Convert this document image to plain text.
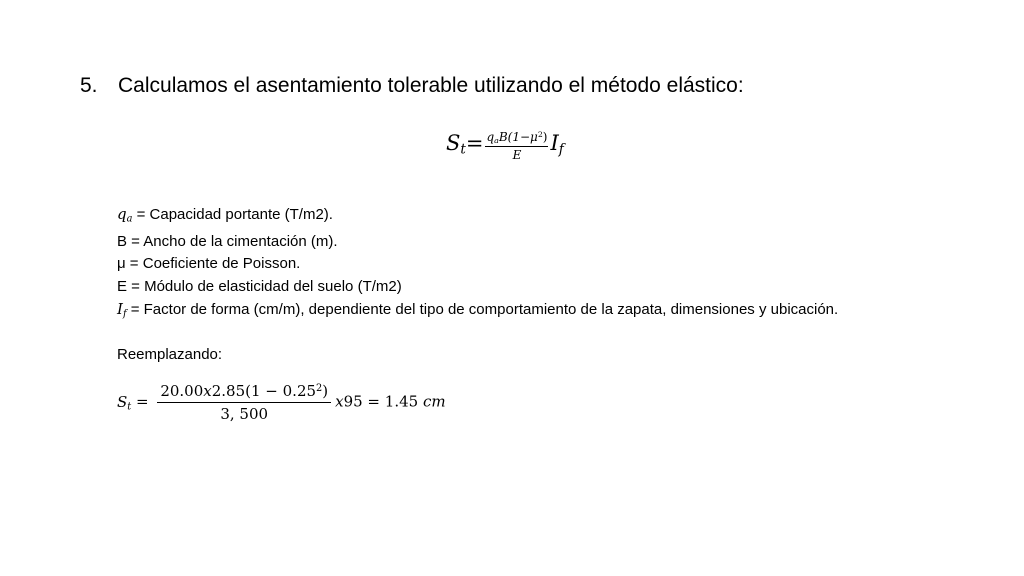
5. Calculamos el asentamiento tolerable utilizando el método elástico:
$S_t= \frac{q_aB(1-\mu^2)}{E} I_f$
$q_a$ = Capacidad portante (T/m2).
B = Ancho de la cimentación (m).
μ = Coeficiente de Poisson.
E = Módulo de elasticidad del suelo (T/m2)
$I_f$ = Factor de forma (cm/m), dependiente del tipo de comportamiento de la zapata, dimensiones y ubicación.
Reemplazando:
$S_t = \frac{20.00x2.85(1 - 0.25^2)}{3, 500} x95 = 1.45$ cm
